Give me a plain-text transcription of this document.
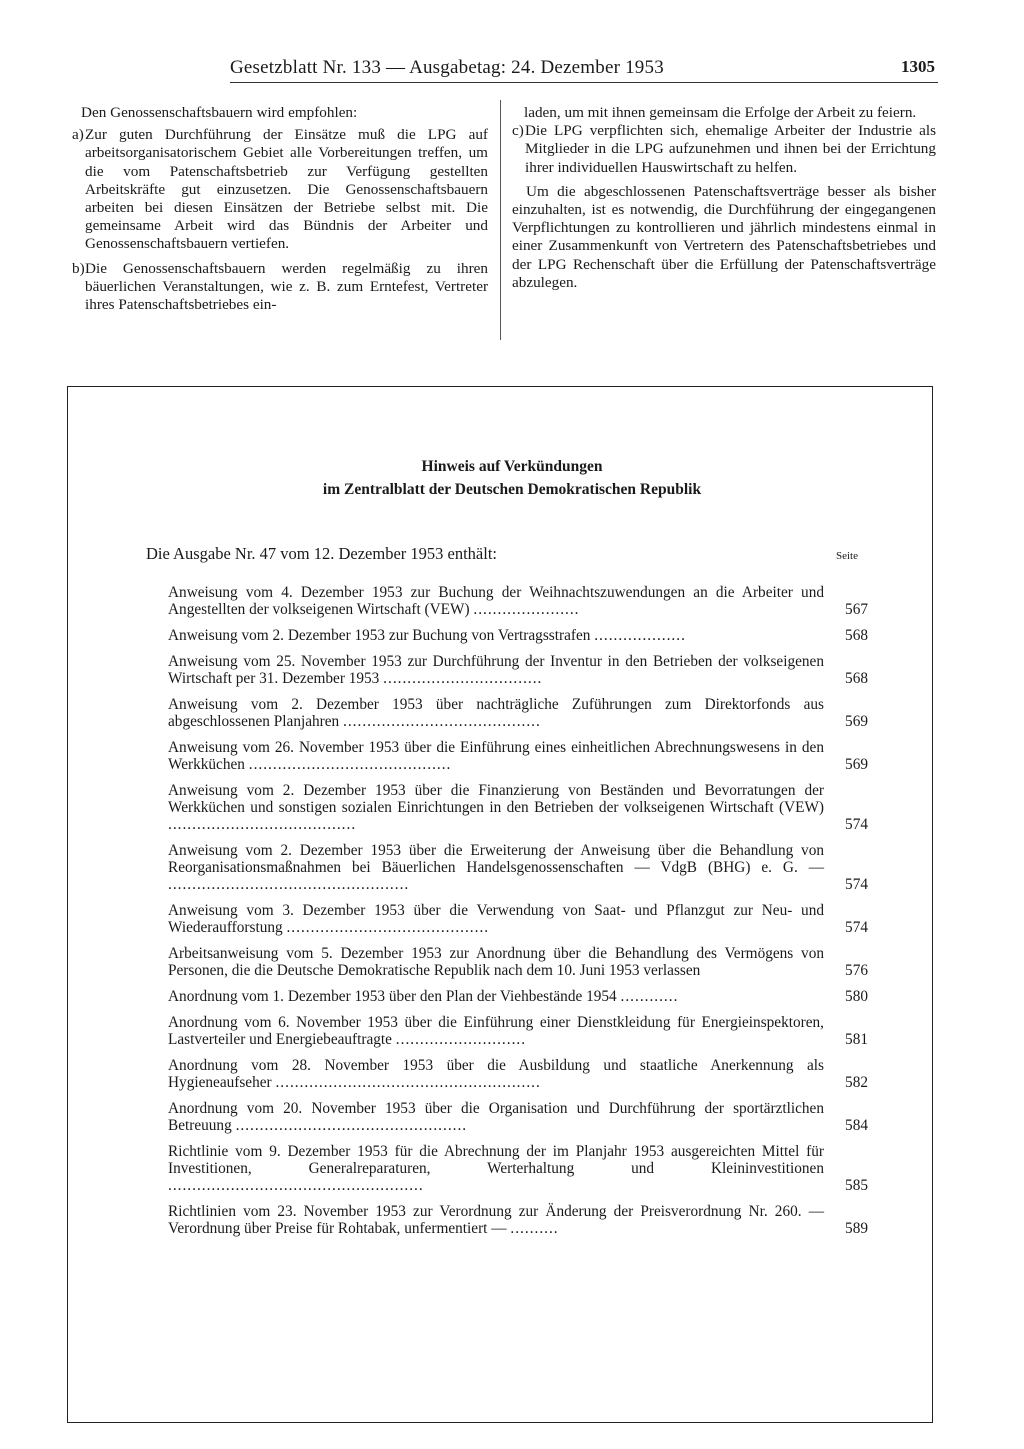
Gesetzblatt Nr. 133 — Ausgabetag: 24. Dezember 1953	1305

Den Genossenschaftsbauern wird empfohlen:

a) Zur guten Durchführung der Einsätze muß die LPG auf arbeitsorganisatorischem Gebiet alle Vorbereitungen treffen, um die vom Patenschaftsbetrieb zur Verfügung gestellten Arbeitskräfte gut einzusetzen. Die Genossenschaftsbauern arbeiten bei diesen Einsätzen der Betriebe selbst mit. Die gemeinsame Arbeit wird das Bündnis der Arbeiter und Genossenschaftsbauern vertiefen.
b) Die Genossenschaftsbauern werden regelmäßig zu ihren bäuerlichen Veranstaltungen, wie z. B. zum Erntefest, Vertreter ihres Patenschaftsbetriebes ein-

laden, um mit ihnen gemeinsam die Erfolge der Arbeit zu feiern.

c) Die LPG verpflichten sich, ehemalige Arbeiter der Industrie als Mitglieder in die LPG aufzunehmen und ihnen bei der Errichtung ihrer individuellen Hauswirtschaft zu helfen.

Um die abgeschlossenen Patenschaftsverträge besser als bisher einzuhalten, ist es notwendig, die Durchführung der eingegangenen Verpflichtungen zu kontrollieren und jährlich mindestens einmal in einer Zusammenkunft von Vertretern des Patenschaftsbetriebes und der LPG Rechenschaft über die Erfüllung der Patenschaftsverträge abzulegen.

Hinweis auf Verkündungen
im Zentralblatt der Deutschen Demokratischen Republik
Die Ausgabe Nr. 47 vom 12. Dezember 1953 enthält:	Seite
Anweisung vom 4. Dezember 1953 zur Buchung der Weihnachtszuwendungen an die Arbeiter und Angestellten der volkseigenen Wirtschaft (VEW) ......................	567
Anweisung vom 2. Dezember 1953 zur Buchung von Vertragsstrafen ...................	568
Anweisung vom 25. November 1953 zur Durchführung der Inventur in den Betrieben der volkseigenen Wirtschaft per 31. Dezember 1953 .................................	568
Anweisung vom 2. Dezember 1953 über nachträgliche Zuführungen zum Direktorfonds aus abgeschlossenen Planjahren .........................................	569
Anweisung vom 26. November 1953 über die Einführung eines einheitlichen Abrechnungswesens in den Werkküchen ..........................................	569
Anweisung vom 2. Dezember 1953 über die Finanzierung von Beständen und Bevorratungen der Werkküchen und sonstigen sozialen Einrichtungen in den Betrieben der volkseigenen Wirtschaft (VEW) .......................................	574
Anweisung vom 2. Dezember 1953 über die Erweiterung der Anweisung über die Behandlung von Reorganisationsmaßnahmen bei Bäuerlichen Handelsgenossenschaften — VdgB (BHG) e. G. — ..................................................	574
Anweisung vom 3. Dezember 1953 über die Verwendung von Saat- und Pflanzgut zur Neu- und Wiederaufforstung ..........................................	574
Arbeitsanweisung vom 5. Dezember 1953 zur Anordnung über die Behandlung des Vermögens von Personen, die die Deutsche Demokratische Republik nach dem 10. Juni 1953 verlassen	576
Anordnung vom 1. Dezember 1953 über den Plan der Viehbestände 1954 ............	580
Anordnung vom 6. November 1953 über die Einführung einer Dienstkleidung für Energieinspektoren, Lastverteiler und Energiebeauftragte ...........................	581
Anordnung vom 28. November 1953 über die Ausbildung und staatliche Anerkennung als Hygieneaufseher .......................................................	582
Anordnung vom 20. November 1953 über die Organisation und Durchführung der sportärztlichen Betreuung ................................................	584
Richtlinie vom 9. Dezember 1953 für die Abrechnung der im Planjahr 1953 ausgereichten Mittel für Investitionen, Generalreparaturen, Werterhaltung und Kleininvestitionen .....................................................	585
Richtlinien vom 23. November 1953 zur Verordnung zur Änderung der Preisverordnung Nr. 260. — Verordnung über Preise für Rohtabak, unfermentiert — ..........	589
